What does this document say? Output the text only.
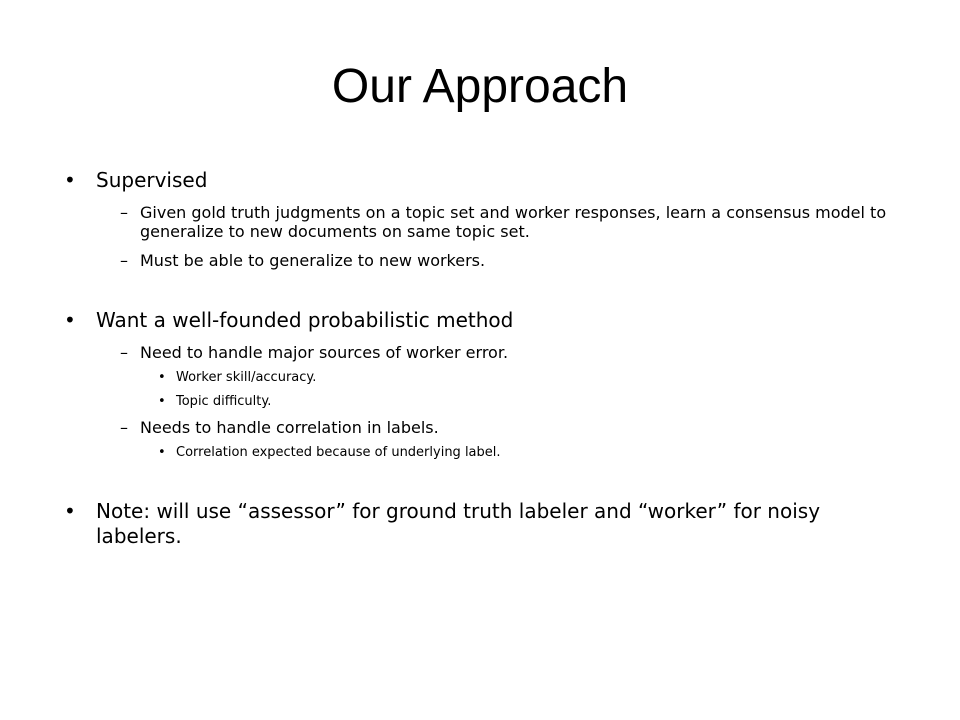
Our Approach
• Supervised
– Given gold truth judgments on a topic set and worker responses, learn a consensus model to generalize to new documents on same topic set.
– Must be able to generalize to new workers.
• Want a well-founded probabilistic method
– Need to handle major sources of worker error.
• Worker skill/accuracy.
• Topic difficulty.
– Needs to handle correlation in labels.
• Correlation expected because of underlying label.
• Note: will use “assessor” for ground truth labeler and “worker” for noisy labelers.
